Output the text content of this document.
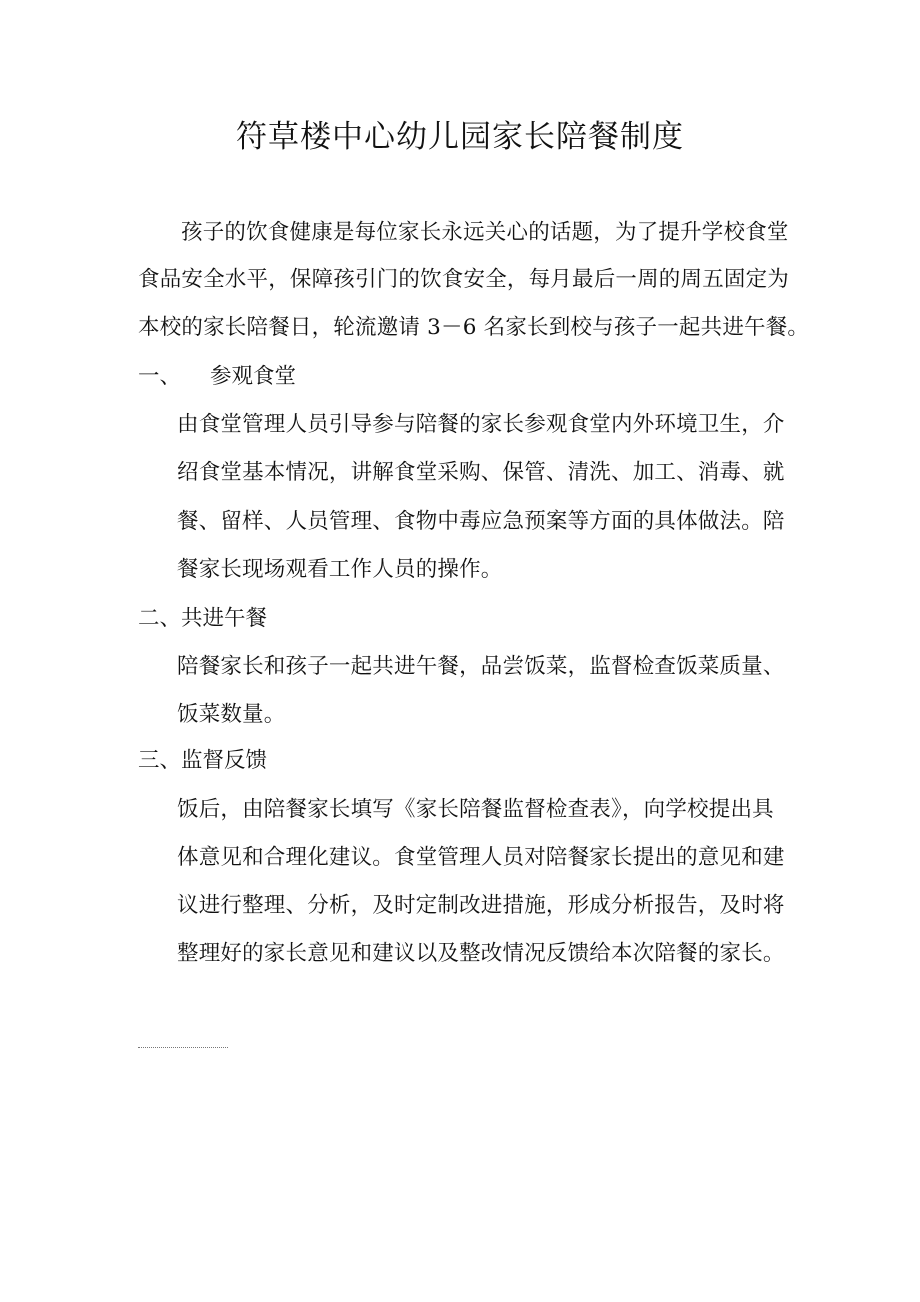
符草楼中心幼儿园家长陪餐制度
孩子的饮食健康是每位家长永远关心的话题，为了提升学校食堂
食品安全水平，保障孩引门的饮食安全，每月最后一周的周五固定为
本校的家长陪餐日，轮流邀请 3－6 名家长到校与孩子一起共进午餐。
一、 参观食堂
由食堂管理人员引导参与陪餐的家长参观食堂内外环境卫生，介
绍食堂基本情况，讲解食堂采购、保管、清洗、加工、消毒、就
餐、留样、人员管理、食物中毒应急预案等方面的具体做法。陪
餐家长现场观看工作人员的操作。
二、共进午餐
陪餐家长和孩子一起共进午餐，品尝饭菜，监督检查饭菜质量、
饭菜数量。
三、监督反馈
饭后，由陪餐家长填写《家长陪餐监督检查表》，向学校提出具
体意见和合理化建议。食堂管理人员对陪餐家长提出的意见和建
议进行整理、分析，及时定制改进措施，形成分析报告，及时将
整理好的家长意见和建议以及整改情况反馈给本次陪餐的家长。
